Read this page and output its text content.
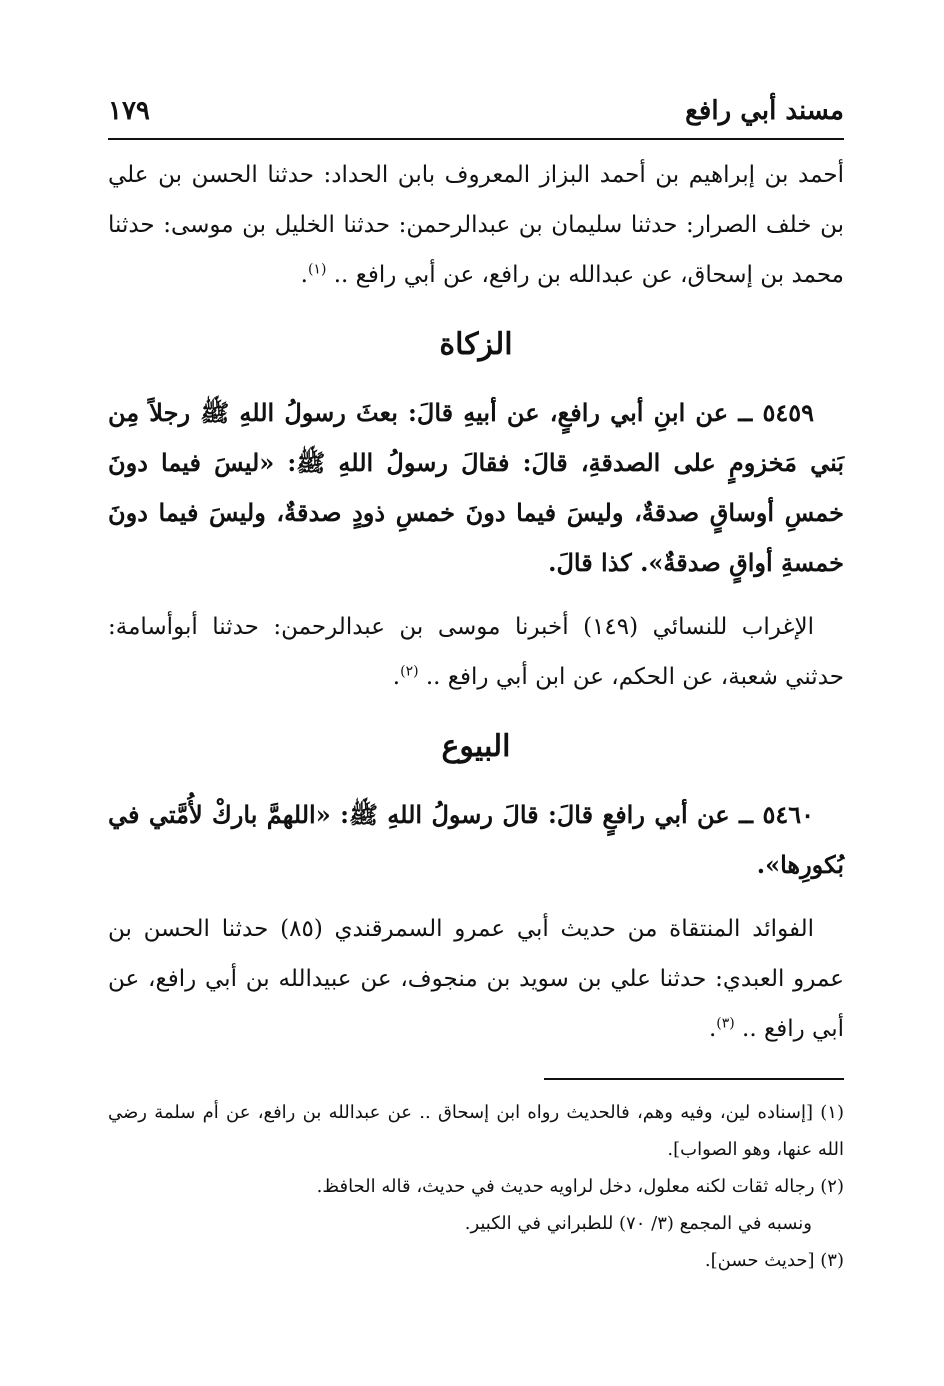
مسند أبي رافع
١٧٩

أحمد بن إبراهيم بن أحمد البزاز المعروف بابن الحداد: حدثنا الحسن بن علي بن خلف الصرار: حدثنا سليمان بن عبدالرحمن: حدثنا الخليل بن موسى: حدثنا محمد بن إسحاق، عن عبدالله بن رافع، عن أبي رافع .. $^{(١)}$.

الزكاة

٥٤٥٩ ــ عن ابنِ أبي رافعٍ، عن أبيهِ قالَ: بعثَ رسولُ اللهِ ﷺ رجلاً مِن بَني مَخزومٍ على الصدقةِ، قالَ: فقالَ رسولُ اللهِ ﷺ: «ليسَ فيما دونَ خمسِ أوساقٍ صدقةٌ، وليسَ فيما دونَ خمسِ ذودٍ صدقةٌ، وليسَ فيما دونَ خمسةِ أواقٍ صدقةٌ». كذا قالَ.

الإغراب للنسائي (١٤٩) أخبرنا موسى بن عبدالرحمن: حدثنا أبوأسامة: حدثني شعبة، عن الحكم، عن ابن أبي رافع .. $^{(٢)}$.

البيوع

٥٤٦٠ ــ عن أبي رافعٍ قالَ: قالَ رسولُ اللهِ ﷺ: «اللهمَّ باركْ لأُمَّتي في بُكورِها».

الفوائد المنتقاة من حديث أبي عمرو السمرقندي (٨٥) حدثنا الحسن بن عمرو العبدي: حدثنا علي بن سويد بن منجوف، عن عبيدالله بن أبي رافع، عن أبي رافع .. $^{(٣)}$.

(١) [إسناده لين، وفيه وهم، فالحديث رواه ابن إسحاق .. عن عبدالله بن رافع، عن أم سلمة رضي الله عنها، وهو الصواب].

(٢) رجاله ثقات لكنه معلول، دخل لراويه حديث في حديث، قاله الحافظ.

ونسبه في المجمع (٣/ ٧٠) للطبراني في الكبير.

(٣) [حديث حسن].
